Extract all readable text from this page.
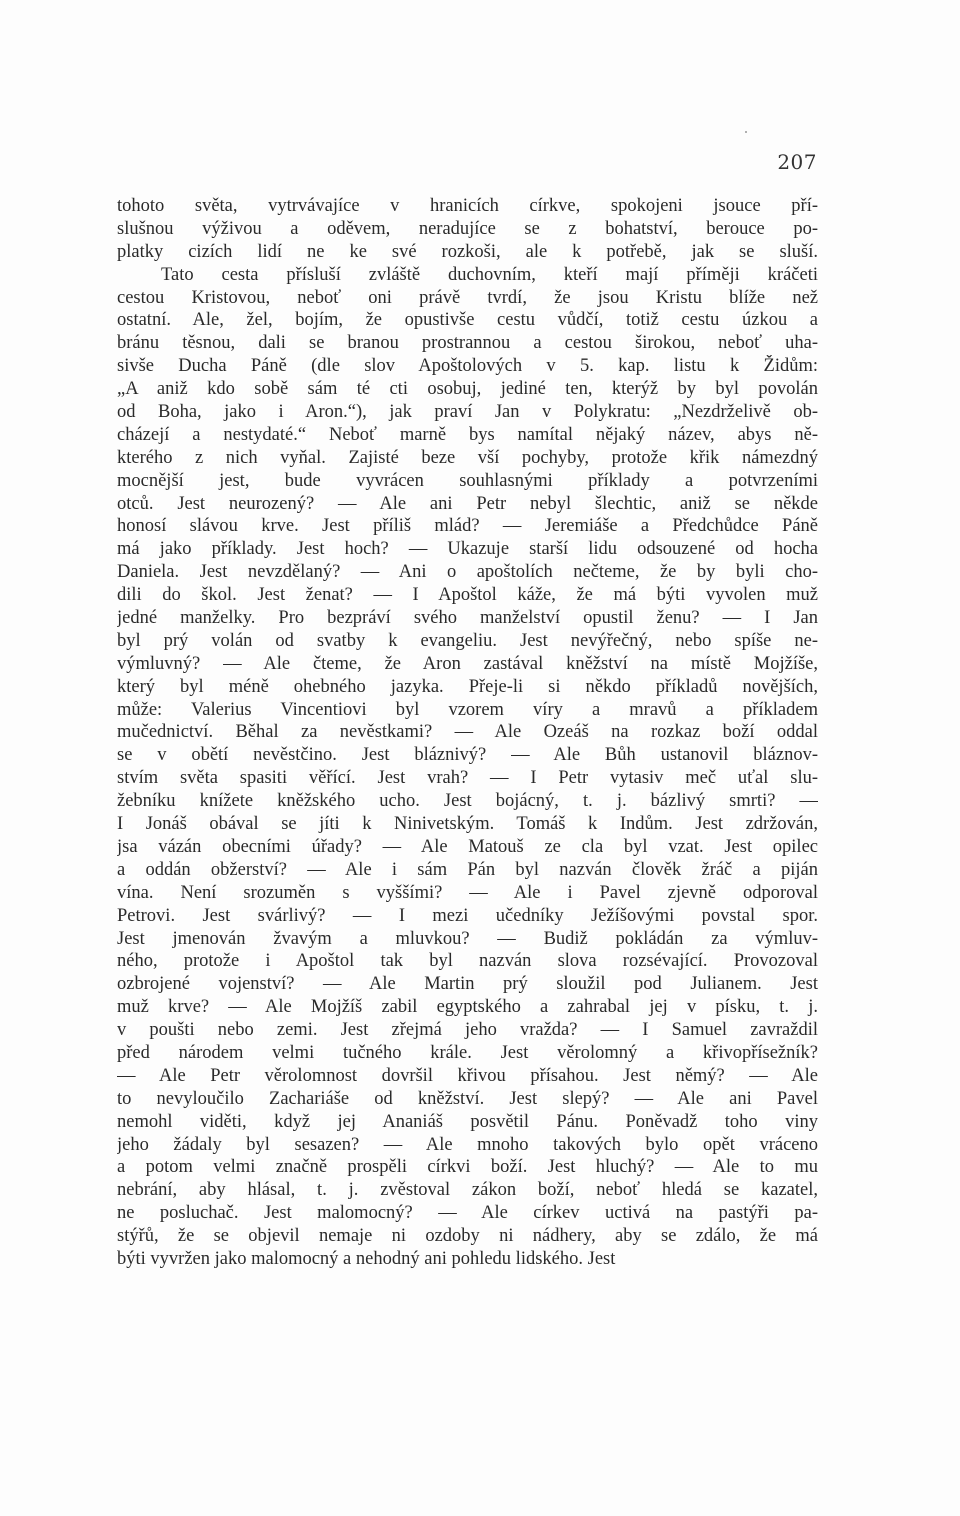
207
tohoto světa, vytrvávajíce v hranicích církve, spokojeni jsouce pří-
slušnou výživou a oděvem, neradujíce se z bohatství, berouce po-
platky cizích lidí ne ke své rozkoši, ale k potřebě, jak se sluší.
Tato cesta přísluší zvláště duchovním, kteří mají příměji kráčeti
cestou Kristovou, neboť oni právě tvrdí, že jsou Kristu blíže než
ostatní. Ale, žel, bojím, že opustivše cestu vůdčí, totiž cestu úzkou a
bránu těsnou, dali se branou prostrannou a cestou širokou, neboť uha-
sivše Ducha Páně (dle slov Apoštolových v 5. kap. listu k Židům:
„A aniž kdo sobě sám té cti osobuj, jediné ten, kterýž by byl povolán
od Boha, jako i Aron.“), jak praví Jan v Polykratu: „Nezdrželivě ob-
cházejí a nestydaté.“ Neboť marně bys namítal nějaký název, abys ně-
kterého z nich vyňal. Zajisté beze vší pochyby, protože křik námezdný
mocnější jest, bude vyvrácen souhlasnými příklady a potvrzeními
otců. Jest neurozený? — Ale ani Petr nebyl šlechtic, aniž se někde
honosí slávou krve. Jest příliš mlád? — Jeremiáše a Předchůdce Páně
má jako příklady. Jest hoch? — Ukazuje starší lidu odsouzené od hocha
Daniela. Jest nevzdělaný? — Ani o apoštolích nečteme, že by byli cho-
dili do škol. Jest ženat? — I Apoštol káže, že má býti vyvolen muž
jedné manželky. Pro bezpráví svého manželství opustil ženu? — I Jan
byl prý volán od svatby k evangeliu. Jest nevýřečný, nebo spíše ne-
výmluvný? — Ale čteme, že Aron zastával kněžství na místě Mojžíše,
který byl méně ohebného jazyka. Přeje-li si někdo příkladů novějších,
může: Valerius Vincentiovi byl vzorem víry a mravů a příkladem
mučednictví. Běhal za nevěstkami? — Ale Ozeáš na rozkaz boží oddal
se v obětí nevěstčino. Jest bláznivý? — Ale Bůh ustanovil bláznov-
stvím světa spasiti věřící. Jest vrah? — I Petr vytasiv meč uťal slu-
žebníku knížete kněžského ucho. Jest bojácný, t. j. bázlivý smrti? —
I Jonáš obával se jíti k Ninivetským. Tomáš k Indům. Jest zdržován,
jsa vázán obecními úřady? — Ale Matouš ze cla byl vzat. Jest opilec
a oddán obžerství? — Ale i sám Pán byl nazván člověk žráč a piján
vína. Není srozuměn s vyššími? — Ale i Pavel zjevně odporoval
Petrovi. Jest svárlivý? — I mezi učedníky Ježíšovými povstal spor.
Jest jmenován žvavým a mluvkou? — Budiž pokládán za výmluv-
ného, protože i Apoštol tak byl nazván slova rozsévající. Provozoval
ozbrojené vojenství? — Ale Martin prý sloužil pod Julianem. Jest
muž krve? — Ale Mojžíš zabil egyptského a zahrabal jej v písku, t. j.
v poušti nebo zemi. Jest zřejmá jeho vražda? — I Samuel zavraždil
před národem velmi tučného krále. Jest věrolomný a křivopřísežník?
— Ale Petr věrolomnost dovršil křivou přísahou. Jest němý? — Ale
to nevyloučilo Zachariáše od kněžství. Jest slepý? — Ale ani Pavel
nemohl viděti, když jej Ananiáš posvětil Pánu. Poněvadž toho viny
jeho žádaly byl sesazen? — Ale mnoho takových bylo opět vráceno
a potom velmi značně prospěli církvi boží. Jest hluchý? — Ale to mu
nebrání, aby hlásal, t. j. zvěstoval zákon boží, neboť hledá se kazatel,
ne posluchač. Jest malomocný? — Ale církev uctivá na pastýři pa-
stýřů, že se objevil nemaje ni ozdoby ni nádhery, aby se zdálo, že má
býti vyvržen jako malomocný a nehodný ani pohledu lidského. Jest
